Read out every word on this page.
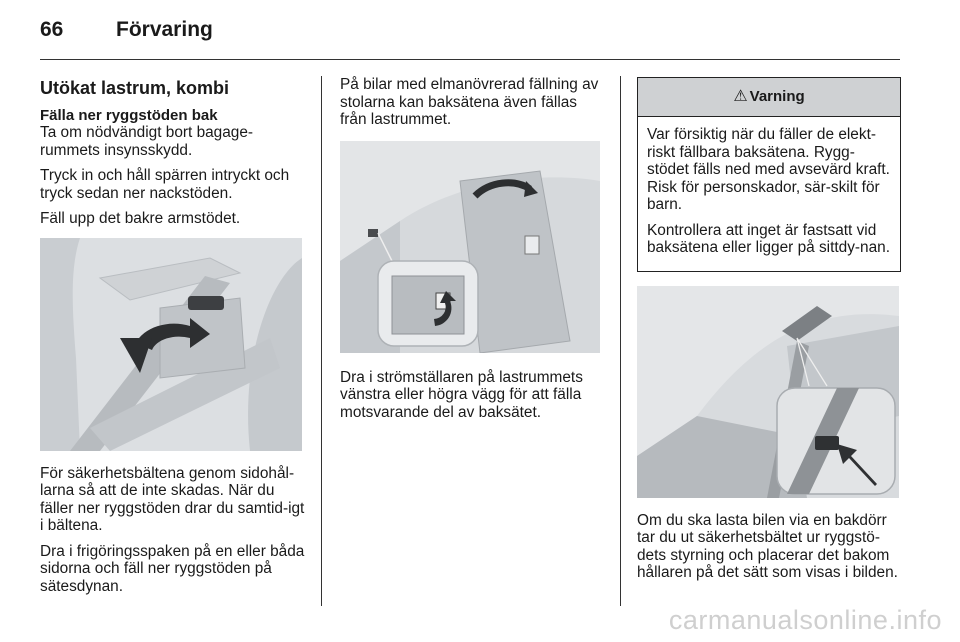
66	Förvaring
Utökat lastrum, kombi
Fälla ner ryggstöden bak

Ta om nödvändigt bort bagage-rummets insynsskydd.

Tryck in och håll spärren intryckt och tryck sedan ner nackstöden.

Fäll upp det bakre armstödet.

För säkerhetsbältena genom sidohål-larna så att de inte skadas. När du fäller ner ryggstöden drar du samtid-igt i bältena.

Dra i frigöringsspaken på en eller båda sidorna och fäll ner ryggstöden på sätesdynan.

På bilar med elmanövrerad fällning av stolarna kan baksätena även fällas från lastrummet.

Dra i strömställaren på lastrummets vänstra eller högra vägg för att fälla motsvarande del av baksätet.

⚠ Varning

Var försiktig när du fäller de elekt-riskt fällbara baksätena. Rygg-stödet fälls ned med avsevärd kraft. Risk för personskador, sär-skilt för barn.

Kontrollera att inget är fastsatt vid baksätena eller ligger på sittdy-nan.

Om du ska lasta bilen via en bakdörr tar du ut säkerhetsbältet ur ryggstö-dets styrning och placerar det bakom hållaren på det sätt som visas i bilden.

carmanualsonline.info
